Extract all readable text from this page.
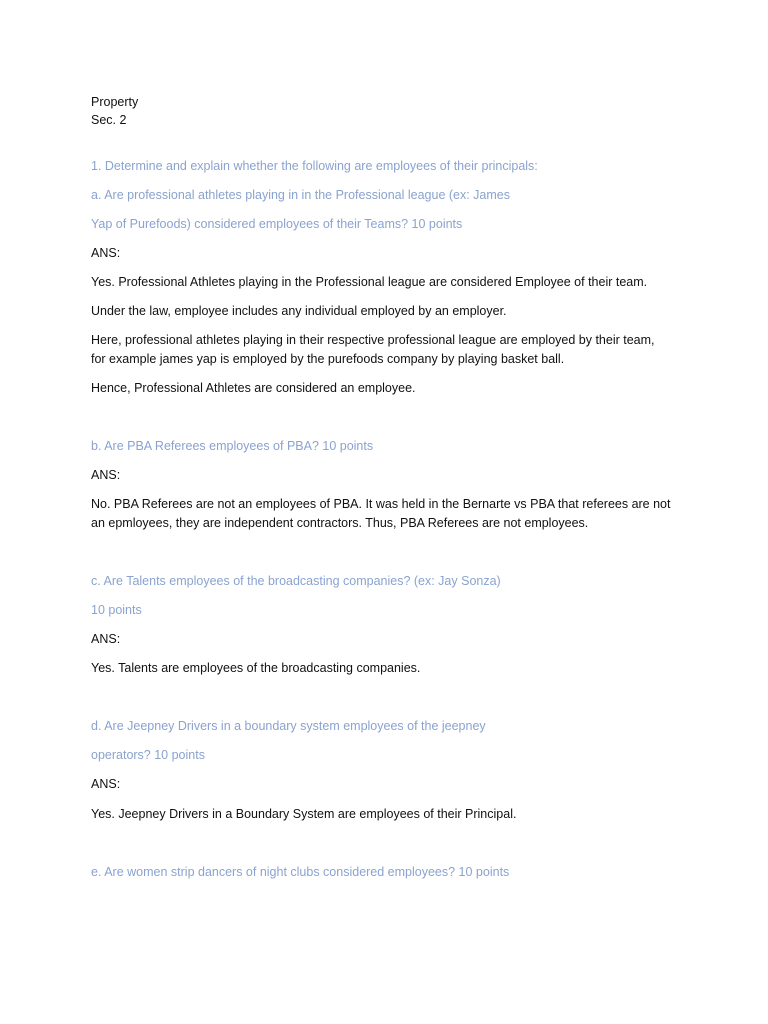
Property

Sec. 2

1. Determine and explain whether the following are employees of their principals:

a. Are professional athletes playing in in the Professional league (ex: James

Yap of Purefoods) considered employees of their Teams? 10 points

ANS:

Yes. Professional Athletes playing in the Professional league are considered Employee of their team.

Under the law, employee includes any individual employed by an employer.

Here, professional athletes playing in their respective professional league are employed by their team,

for example james yap is employed by the purefoods company by playing basket ball.

Hence, Professional Athletes are considered an employee.

b. Are PBA Referees employees of PBA? 10 points

ANS:

No. PBA Referees are not an employees of PBA. It was held in the Bernarte vs PBA that referees are not

an epmloyees, they are independent contractors. Thus, PBA Referees are not employees.

c. Are Talents employees of the broadcasting companies? (ex: Jay Sonza)

10 points

ANS:

Yes. Talents are employees of the broadcasting companies.

d. Are Jeepney Drivers in a boundary system employees of the jeepney

operators? 10 points

ANS:

Yes. Jeepney Drivers in a Boundary System are employees of their Principal.

e. Are women strip dancers of night clubs considered employees? 10 points
